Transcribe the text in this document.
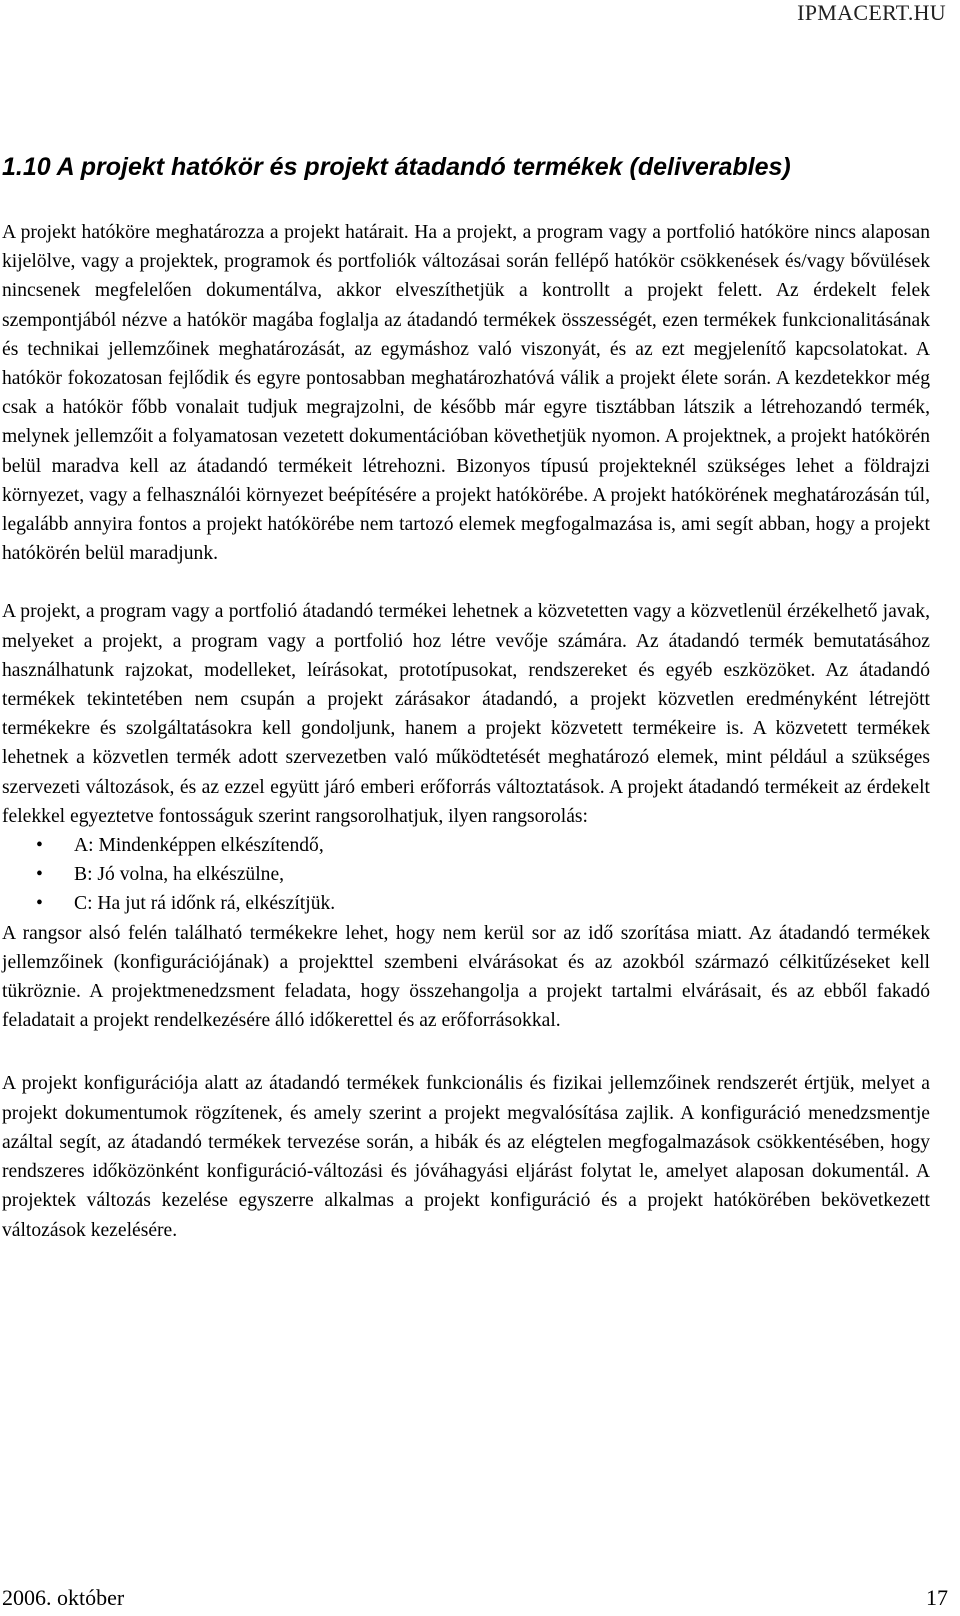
IPMACERT.HU
1.10 A projekt hatókör és projekt átadandó termékek (deliverables)

A projekt hatóköre meghatározza a projekt határait. Ha a projekt, a program vagy a portfolió hatóköre nincs alaposan kijelölve, vagy a projektek, programok és portfoliók változásai során fellépő hatókör csökkenések és/vagy bővülések nincsenek megfelelően dokumentálva, akkor elveszíthetjük a kontrollt a projekt felett. Az érdekelt felek szempontjából nézve a hatókör magába foglalja az átadandó termékek összességét, ezen termékek funkcionalitásának és technikai jellemzőinek meghatározását, az egymáshoz való viszonyát, és az ezt megjelenítő kapcsolatokat. A hatókör fokozatosan fejlődik és egyre pontosabban meghatározhatóvá válik a projekt élete során. A kezdetekkor még csak a hatókör főbb vonalait tudjuk megrajzolni, de később már egyre tisztábban látszik a létrehozandó termék, melynek jellemzőit a folyamatosan vezetett dokumentációban követhetjük nyomon. A projektnek, a projekt hatókörén belül maradva kell az átadandó termékeit létrehozni. Bizonyos típusú projekteknél szükséges lehet a földrajzi környezet, vagy a felhasználói környezet beépítésére a projekt hatókörébe. A projekt hatókörének meghatározásán túl, legalább annyira fontos a projekt hatókörébe nem tartozó elemek megfogalmazása is, ami segít abban, hogy a projekt hatókörén belül maradjunk.

A projekt, a program vagy a portfolió átadandó termékei lehetnek a közvetetten vagy a közvetlenül érzékelhető javak, melyeket a projekt, a program vagy a portfolió hoz létre vevője számára. Az átadandó termék bemutatásához használhatunk rajzokat, modelleket, leírásokat, prototípusokat, rendszereket és egyéb eszközöket. Az átadandó termékek tekintetében nem csupán a projekt zárásakor átadandó, a projekt közvetlen eredményként létrejött termékekre és szolgáltatásokra kell gondoljunk, hanem a projekt közvetett termékeire is. A közvetett termékek lehetnek a közvetlen termék adott szervezetben való működtetését meghatározó elemek, mint például a szükséges szervezeti változások, és az ezzel együtt járó emberi erőforrás változtatások. A projekt átadandó termékeit az érdekelt felekkel egyeztetve fontosságuk szerint rangsorolhatjuk, ilyen rangsorolás:

• A: Mindenképpen elkészítendő,
• B: Jó volna, ha elkészülne,
• C: Ha jut rá időnk rá, elkészítjük.

A rangsor alsó felén található termékekre lehet, hogy nem kerül sor az idő szorítása miatt. Az átadandó termékek jellemzőinek (konfigurációjának) a projekttel szembeni elvárásokat és az azokból származó célkitűzéseket kell tükröznie. A projektmenedzsment feladata, hogy összehangolja a projekt tartalmi elvárásait, és az ebből fakadó feladatait a projekt rendelkezésére álló időkerettel és az erőforrásokkal.

A projekt konfigurációja alatt az átadandó termékek funkcionális és fizikai jellemzőinek rendszerét értjük, melyet a projekt dokumentumok rögzítenek, és amely szerint a projekt megvalósítása zajlik. A konfiguráció menedzsmentje azáltal segít, az átadandó termékek tervezése során, a hibák és az elégtelen megfogalmazások csökkentésében, hogy rendszeres időközönként konfiguráció-változási és jóváhagyási eljárást folytat le, amelyet alaposan dokumentál. A projektek változás kezelése egyszerre alkalmas a projekt konfiguráció és a projekt hatókörében bekövetkezett változások kezelésére.

2006. október	17
